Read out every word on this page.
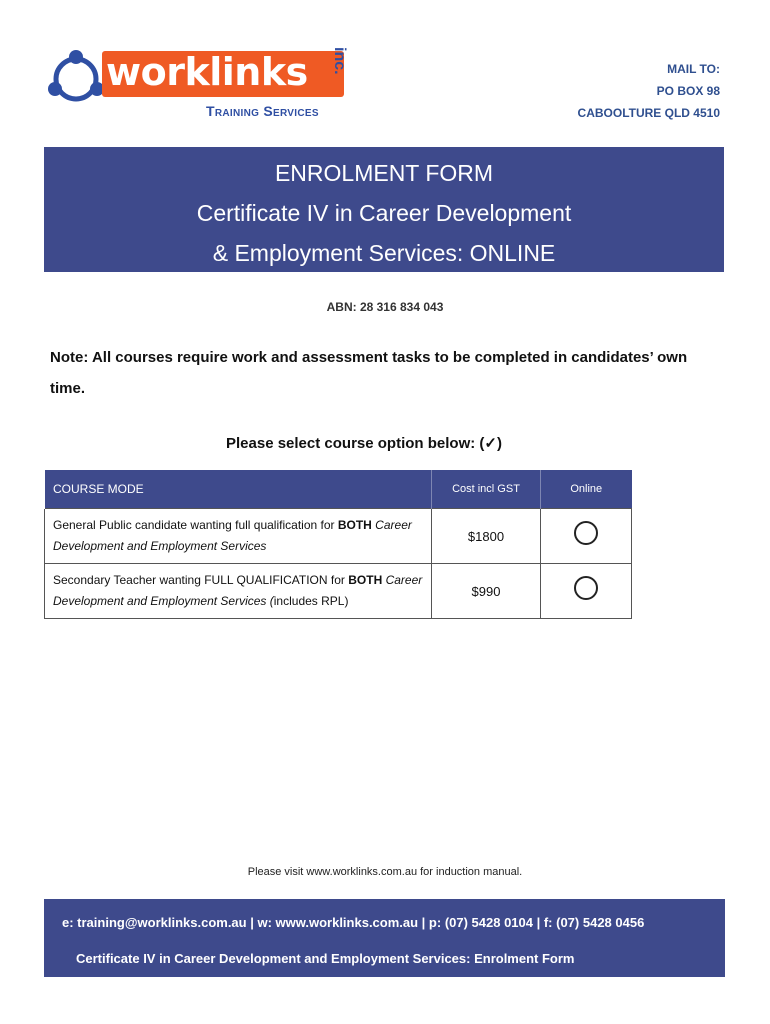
worklinks inc.
Training Services
MAIL TO:
PO BOX 98
CABOOLTURE QLD 4510
ENROLMENT FORM
Certificate IV in Career Development
& Employment Services: ONLINE
ABN: 28 316 834 043
Note: All courses require work and assessment tasks to be completed in candidates’ own time.
Please select course option below: (✓)
COURSE MODE	Cost incl GST	Online
General Public candidate wanting full qualification for BOTH Career Development and Employment Services	$1800	
Secondary Teacher wanting FULL QUALIFICATION for BOTH Career Development and Employment Services (includes RPL)	$990	
Please visit www.worklinks.com.au for induction manual.
e: training@worklinks.com.au | w: www.worklinks.com.au | p: (07) 5428 0104 | f: (07) 5428 0456
Certificate IV in Career Development and Employment Services: Enrolment Form
